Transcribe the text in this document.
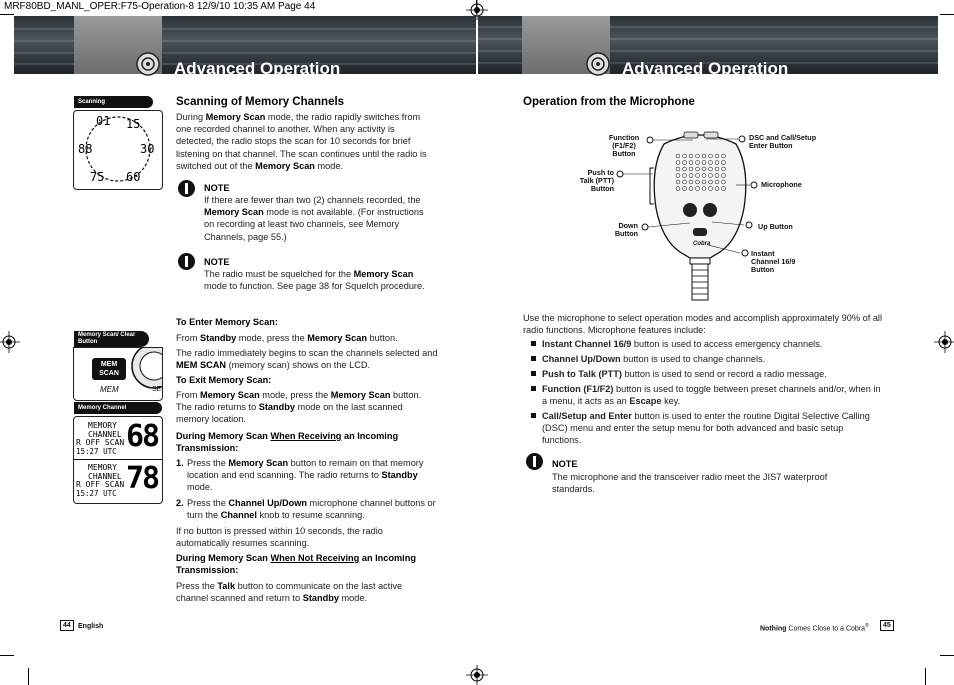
MRF80BD_MANL_OPER:F75-Operation-8 12/9/10 10:35 AM Page 44
Operating Your Radio
Advanced Operation
Operating Your Radio
Advanced Operation
Scanning
01 15
88	30
75 60
Memory Scan/ Clear Button
MEM
SCAN
MEM	SE
Memory Channel
MEMORY
CHANNEL
R OFF SCAN
15:27 UTC 68
MEMORY
CHANNEL
R OFF SCAN
15:27 UTC 78
Scanning of Memory Channels
During Memory Scan mode, the radio rapidly switches from one recorded channel to another. When any activity is detected, the radio stops the scan for 10 seconds for brief listening on that channel. The scan continues until the radio is switched out of the Memory Scan mode.
NOTE
If there are fewer than two (2) channels recorded, the Memory Scan mode is not available. (For instructions on recording at least two channels, see Memory Channels, page 55.)
NOTE
The radio must be squelched for the Memory Scan mode to function. See page 38 for Squelch procedure.
To Enter Memory Scan:
From Standby mode, press the Memory Scan button.
The radio immediately begins to scan the channels selected and MEM SCAN (memory scan) shows on the LCD.
To Exit Memory Scan:
From Memory Scan mode, press the Memory Scan button. The radio returns to Standby mode on the last scanned memory location.
During Memory Scan When Receiving an Incoming Transmission:
1. Press the Memory Scan button to remain on that memory location and end scanning. The radio returns to Standby mode.
2. Press the Channel Up/Down microphone channel buttons or turn the Channel knob to resume scanning.
If no button is pressed within 10 seconds, the radio automatically resumes scanning.
During Memory Scan When Not Receiving an Incoming Transmission:
Press the Talk button to communicate on the last active channel scanned and return to Standby mode.
44	English
Operation from the Microphone
Cobra
Function (F1/F2) Button
DSC and Call/Setup Enter Button
Push to Talk (PTT) Button	Microphone
Down Button
Up Button
Instant Channel 16/9 Button
Use the microphone to select operation modes and accomplish approximately 90% of all radio functions. Microphone features include:
Instant Channel 16/9 button is used to access emergency channels.
Channel Up/Down button is used to change channels.
Push to Talk (PTT) button is used to send or record a radio message.
Function (F1/F2) button is used to toggle between preset channels and/or, when in a menu, it acts as an Escape key.
Call/Setup and Enter button is used to enter the routine Digital Selective Calling (DSC) menu and enter the setup menu for both advanced and basic setup functions.
NOTE
The microphone and the transceiver radio meet the JIS7 waterproof standards.
Nothing Comes Close to a Cobra®	45
